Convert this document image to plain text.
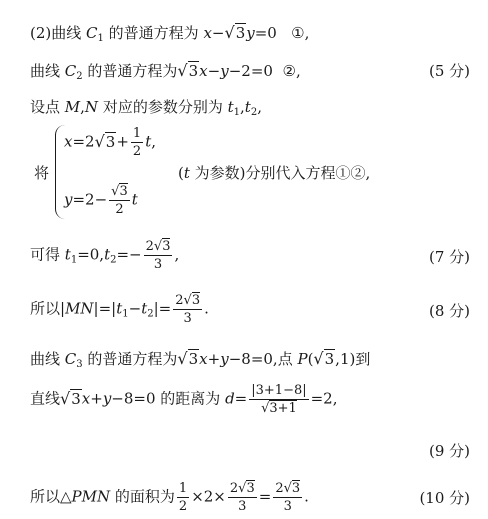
(2)曲线 $C_1$ 的普通方程为 x−√3y=0 ①,
曲线 $C_2$ 的普通方程为√3x−y−2=0 ②,	(5 分)
设点 M,N 对应的参数分别为 $t_1,t_2$,
将
$x=2√3+ \frac{1}{2} t$,
(t 为参数)分别代入方程①②,
$y=2- \frac{√3}{2}$ t
可得 $t_1=0,t_2=- \frac{2√3}{3}$ ,	(7 分)
所以$|MN|=|t_1-t_2|= \frac{2√3}{3}$ .	(8 分)
曲线 $C_3$ 的普通方程为√3x+y−8=0,点 P(√3,1)到
直线√3x+y−8=0 的距离为 $d= \frac{|3+1-8|}{√3+1} =2$,
(9 分)
所以△PMN 的面积为 $\frac{1}{2} \times 2\times \frac{2√3}{3} = \frac{2√3}{3}$ .	(10 分)
